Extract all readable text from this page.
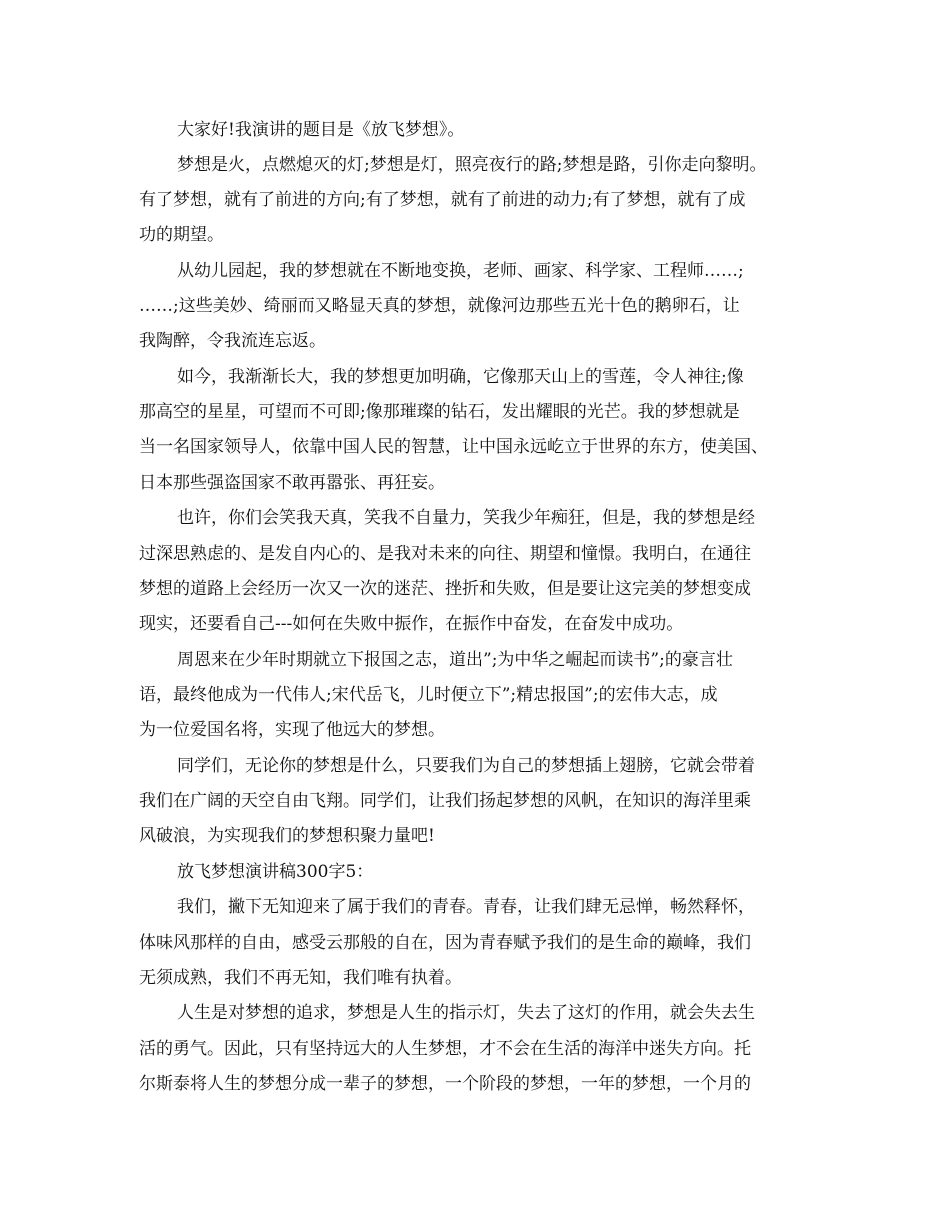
大家好!我演讲的题目是《放飞梦想》。
梦想是火，点燃熄灭的灯;梦想是灯，照亮夜行的路;梦想是路，引你走向黎明。
有了梦想，就有了前进的方向;有了梦想，就有了前进的动力;有了梦想，就有了成
功的期望。
从幼儿园起，我的梦想就在不断地变换，老师、画家、科学家、工程师……;
……;这些美妙、绮丽而又略显天真的梦想，就像河边那些五光十色的鹅卵石，让
我陶醉，令我流连忘返。
如今，我渐渐长大，我的梦想更加明确，它像那天山上的雪莲，令人神往;像
那高空的星星，可望而不可即;像那璀璨的钻石，发出耀眼的光芒。我的梦想就是
当一名国家领导人，依靠中国人民的智慧，让中国永远屹立于世界的东方，使美国、
日本那些强盗国家不敢再嚣张、再狂妄。
也许，你们会笑我天真，笑我不自量力，笑我少年痴狂，但是，我的梦想是经
过深思熟虑的、是发自内心的、是我对未来的向往、期望和憧憬。我明白，在通往
梦想的道路上会经历一次又一次的迷茫、挫折和失败，但是要让这完美的梦想变成
现实，还要看自己---如何在失败中振作，在振作中奋发，在奋发中成功。
周恩来在少年时期就立下报国之志，道出”;为中华之崛起而读书”;的豪言壮
语，最终他成为一代伟人;宋代岳飞，儿时便立下”;精忠报国”;的宏伟大志，成
为一位爱国名将，实现了他远大的梦想。
同学们，无论你的梦想是什么，只要我们为自己的梦想插上翅膀，它就会带着
我们在广阔的天空自由飞翔。同学们，让我们扬起梦想的风帆，在知识的海洋里乘
风破浪，为实现我们的梦想积聚力量吧!
放飞梦想演讲稿300字5：
我们，撇下无知迎来了属于我们的青春。青春，让我们肆无忌惮，畅然释怀，
体味风那样的自由，感受云那般的自在，因为青春赋予我们的是生命的巅峰，我们
无须成熟，我们不再无知，我们唯有执着。
人生是对梦想的追求，梦想是人生的指示灯，失去了这灯的作用，就会失去生
活的勇气。因此，只有坚持远大的人生梦想，才不会在生活的海洋中迷失方向。托
尔斯泰将人生的梦想分成一辈子的梦想，一个阶段的梦想，一年的梦想，一个月的
